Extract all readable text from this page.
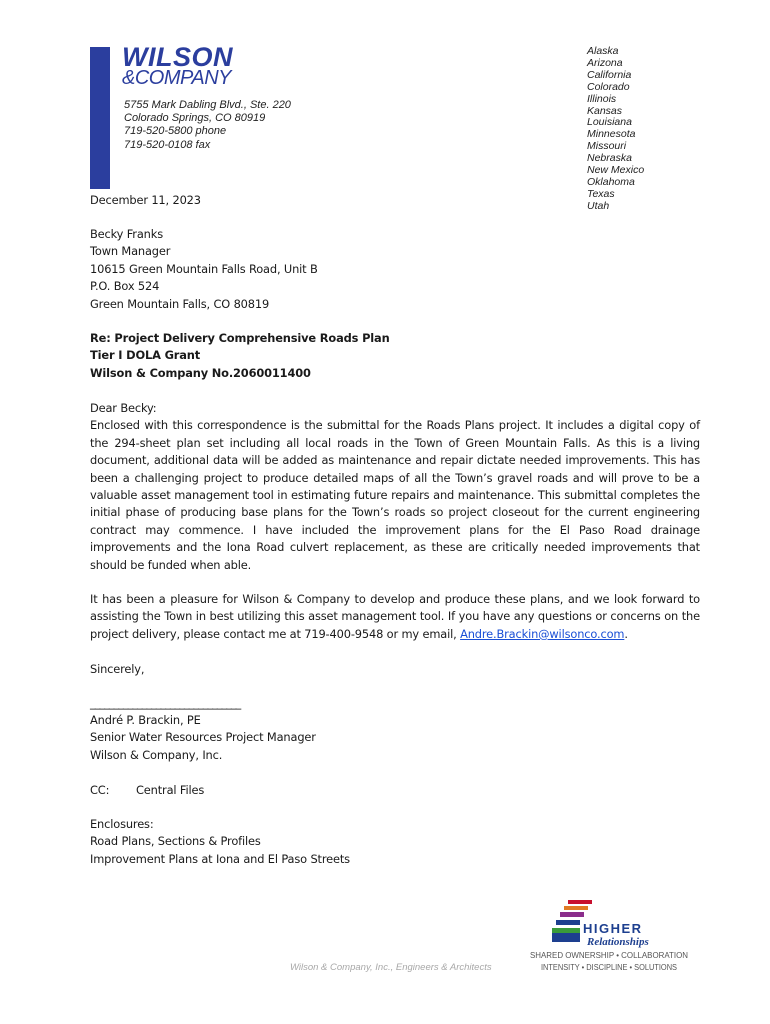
WILSON
&COMPANY
5755 Mark Dabling Blvd., Ste. 220
Colorado Springs, CO 80919
719-520-5800 phone
719-520-0108 fax
Alaska
Arizona
California
Colorado
Illinois
Kansas
Louisiana
Minnesota
Missouri
Nebraska
New Mexico
Oklahoma
Texas
Utah
December 11, 2023
Becky Franks
Town Manager
10615 Green Mountain Falls Road, Unit B
P.O. Box 524
Green Mountain Falls, CO 80819
Re: Project Delivery Comprehensive Roads Plan
Tier I DOLA Grant
Wilson & Company No.2060011400
Dear Becky:
Enclosed with this correspondence is the submittal for the Roads Plans project. It includes a digital copy of the 294-sheet plan set including all local roads in the Town of Green Mountain Falls. As this is a living document, additional data will be added as maintenance and repair dictate needed improvements. This has been a challenging project to produce detailed maps of all the Town’s gravel roads and will prove to be a valuable asset management tool in estimating future repairs and maintenance. This submittal completes the initial phase of producing base plans for the Town’s roads so project closeout for the current engineering contract may commence. I have included the improvement plans for the El Paso Road drainage improvements and the Iona Road culvert replacement, as these are critically needed improvements that should be funded when able.
It has been a pleasure for Wilson & Company to develop and produce these plans, and we look forward to assisting the Town in best utilizing this asset management tool. If you have any questions or concerns on the project delivery, please contact me at 719-400-9548 or my email, Andre.Brackin@wilsonco.com.
Sincerely,
________________________________
André P. Brackin, PE
Senior Water Resources Project Manager
Wilson & Company, Inc.
CC: Central Files
Enclosures:
Road Plans, Sections & Profiles
Improvement Plans at Iona and El Paso Streets
Wilson & Company, Inc., Engineers & Architects
HIGHER
Relationships
SHARED OWNERSHIP • COLLABORATION
INTENSITY • DISCIPLINE • SOLUTIONS
